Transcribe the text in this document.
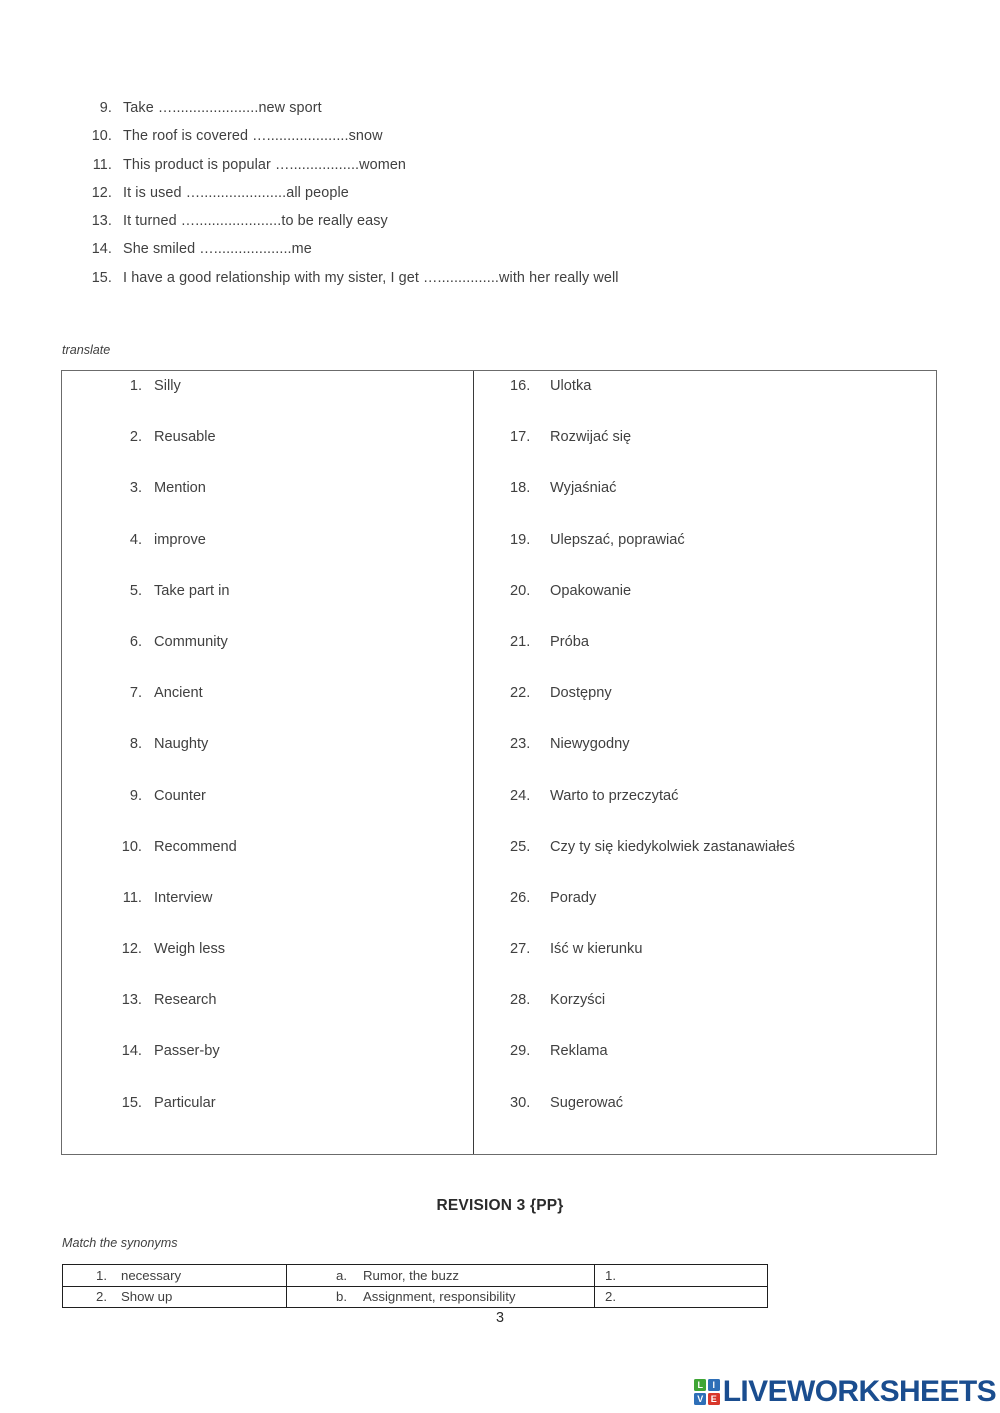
9. Take ….....................new sport
10. The roof is covered …....................snow
11. This product is popular ….................women
12. It is used ….....................all people
13. It turned ….....................to be really easy
14. She smiled …...................me
15. I have a good relationship with my sister, I get …...............with her really well
translate
1. Silly
2. Reusable
3. Mention
4. improve
5. Take part in
6. Community
7. Ancient
8. Naughty
9. Counter
10. Recommend
11. Interview
12. Weigh less
13. Research
14. Passer-by
15. Particular
16.	Ulotka
17.	Rozwijać się
18.	Wyjaśniać
19.	Ulepszać, poprawiać
20.	Opakowanie
21.	Próba
22.	Dostępny
23.	Niewygodny
24.	Warto to przeczytać
25.	Czy ty się kiedykolwiek zastanawiałeś
26.	Porady
27.	Iść w kierunku
28.	Korzyści
29.	Reklama
30.	Sugerować
REVISION 3 {PP}
Match the synonyms
1. necessary	a. Rumor, the buzz	1.

2. Show up	b. Assignment, responsibility	2.
3
L	I
V E LIVEWORKSHEETS
